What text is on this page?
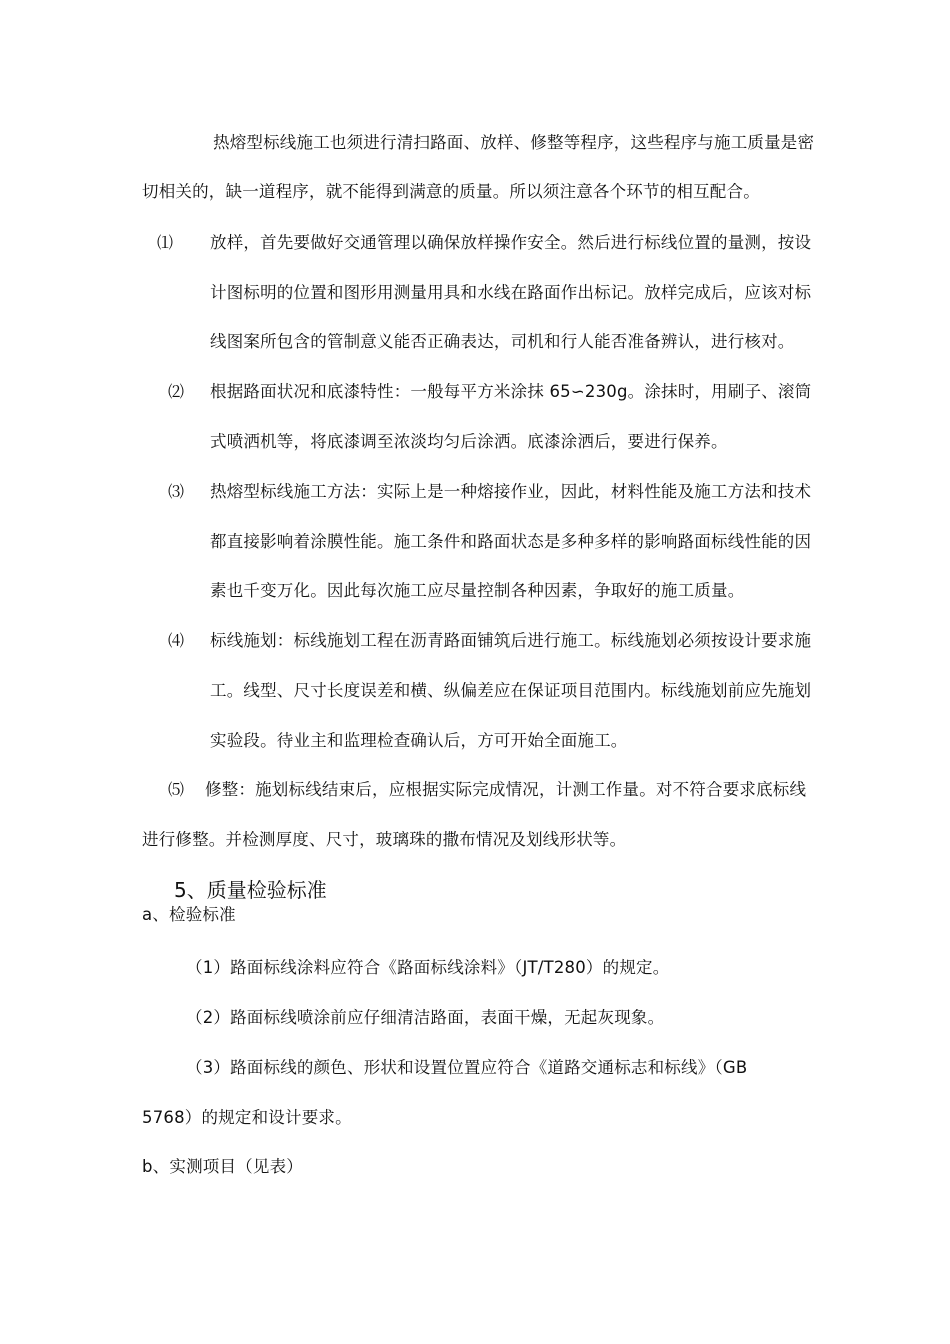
热熔型标线施工也须进行清扫路面、放样、修整等程序，这些程序与施工质量是密
切相关的，缺一道程序，就不能得到满意的质量。所以须注意各个环节的相互配合。
⑴ 放样，首先要做好交通管理以确保放样操作安全。然后进行标线位置的量测，按设
计图标明的位置和图形用测量用具和水线在路面作出标记。放样完成后，应该对标
线图案所包含的管制意义能否正确表达，司机和行人能否准备辨认，进行核对。
⑵ 根据路面状况和底漆特性：一般每平方米涂抹 65∽230g。涂抹时，用刷子、滚筒
式喷洒机等，将底漆调至浓淡均匀后涂洒。底漆涂洒后，要进行保养。
⑶ 热熔型标线施工方法：实际上是一种熔接作业，因此，材料性能及施工方法和技术
都直接影响着涂膜性能。施工条件和路面状态是多种多样的影响路面标线性能的因
素也千变万化。因此每次施工应尽量控制各种因素，争取好的施工质量。
⑷ 标线施划：标线施划工程在沥青路面铺筑后进行施工。标线施划必须按设计要求施
工。线型、尺寸长度误差和横、纵偏差应在保证项目范围内。标线施划前应先施划
实验段。待业主和监理检查确认后，方可开始全面施工。
⑸ 修整：施划标线结束后，应根据实际完成情况，计测工作量。对不符合要求底标线
进行修整。并检测厚度、尺寸，玻璃珠的撒布情况及划线形状等。
5、质量检验标准
a、检验标准
（1）路面标线涂料应符合《路面标线涂料》（JT/T280）的规定。
（2）路面标线喷涂前应仔细清洁路面，表面干燥，无起灰现象。
（3）路面标线的颜色、形状和设置位置应符合《道路交通标志和标线》（GB
5768）的规定和设计要求。
b、实测项目（见表）
